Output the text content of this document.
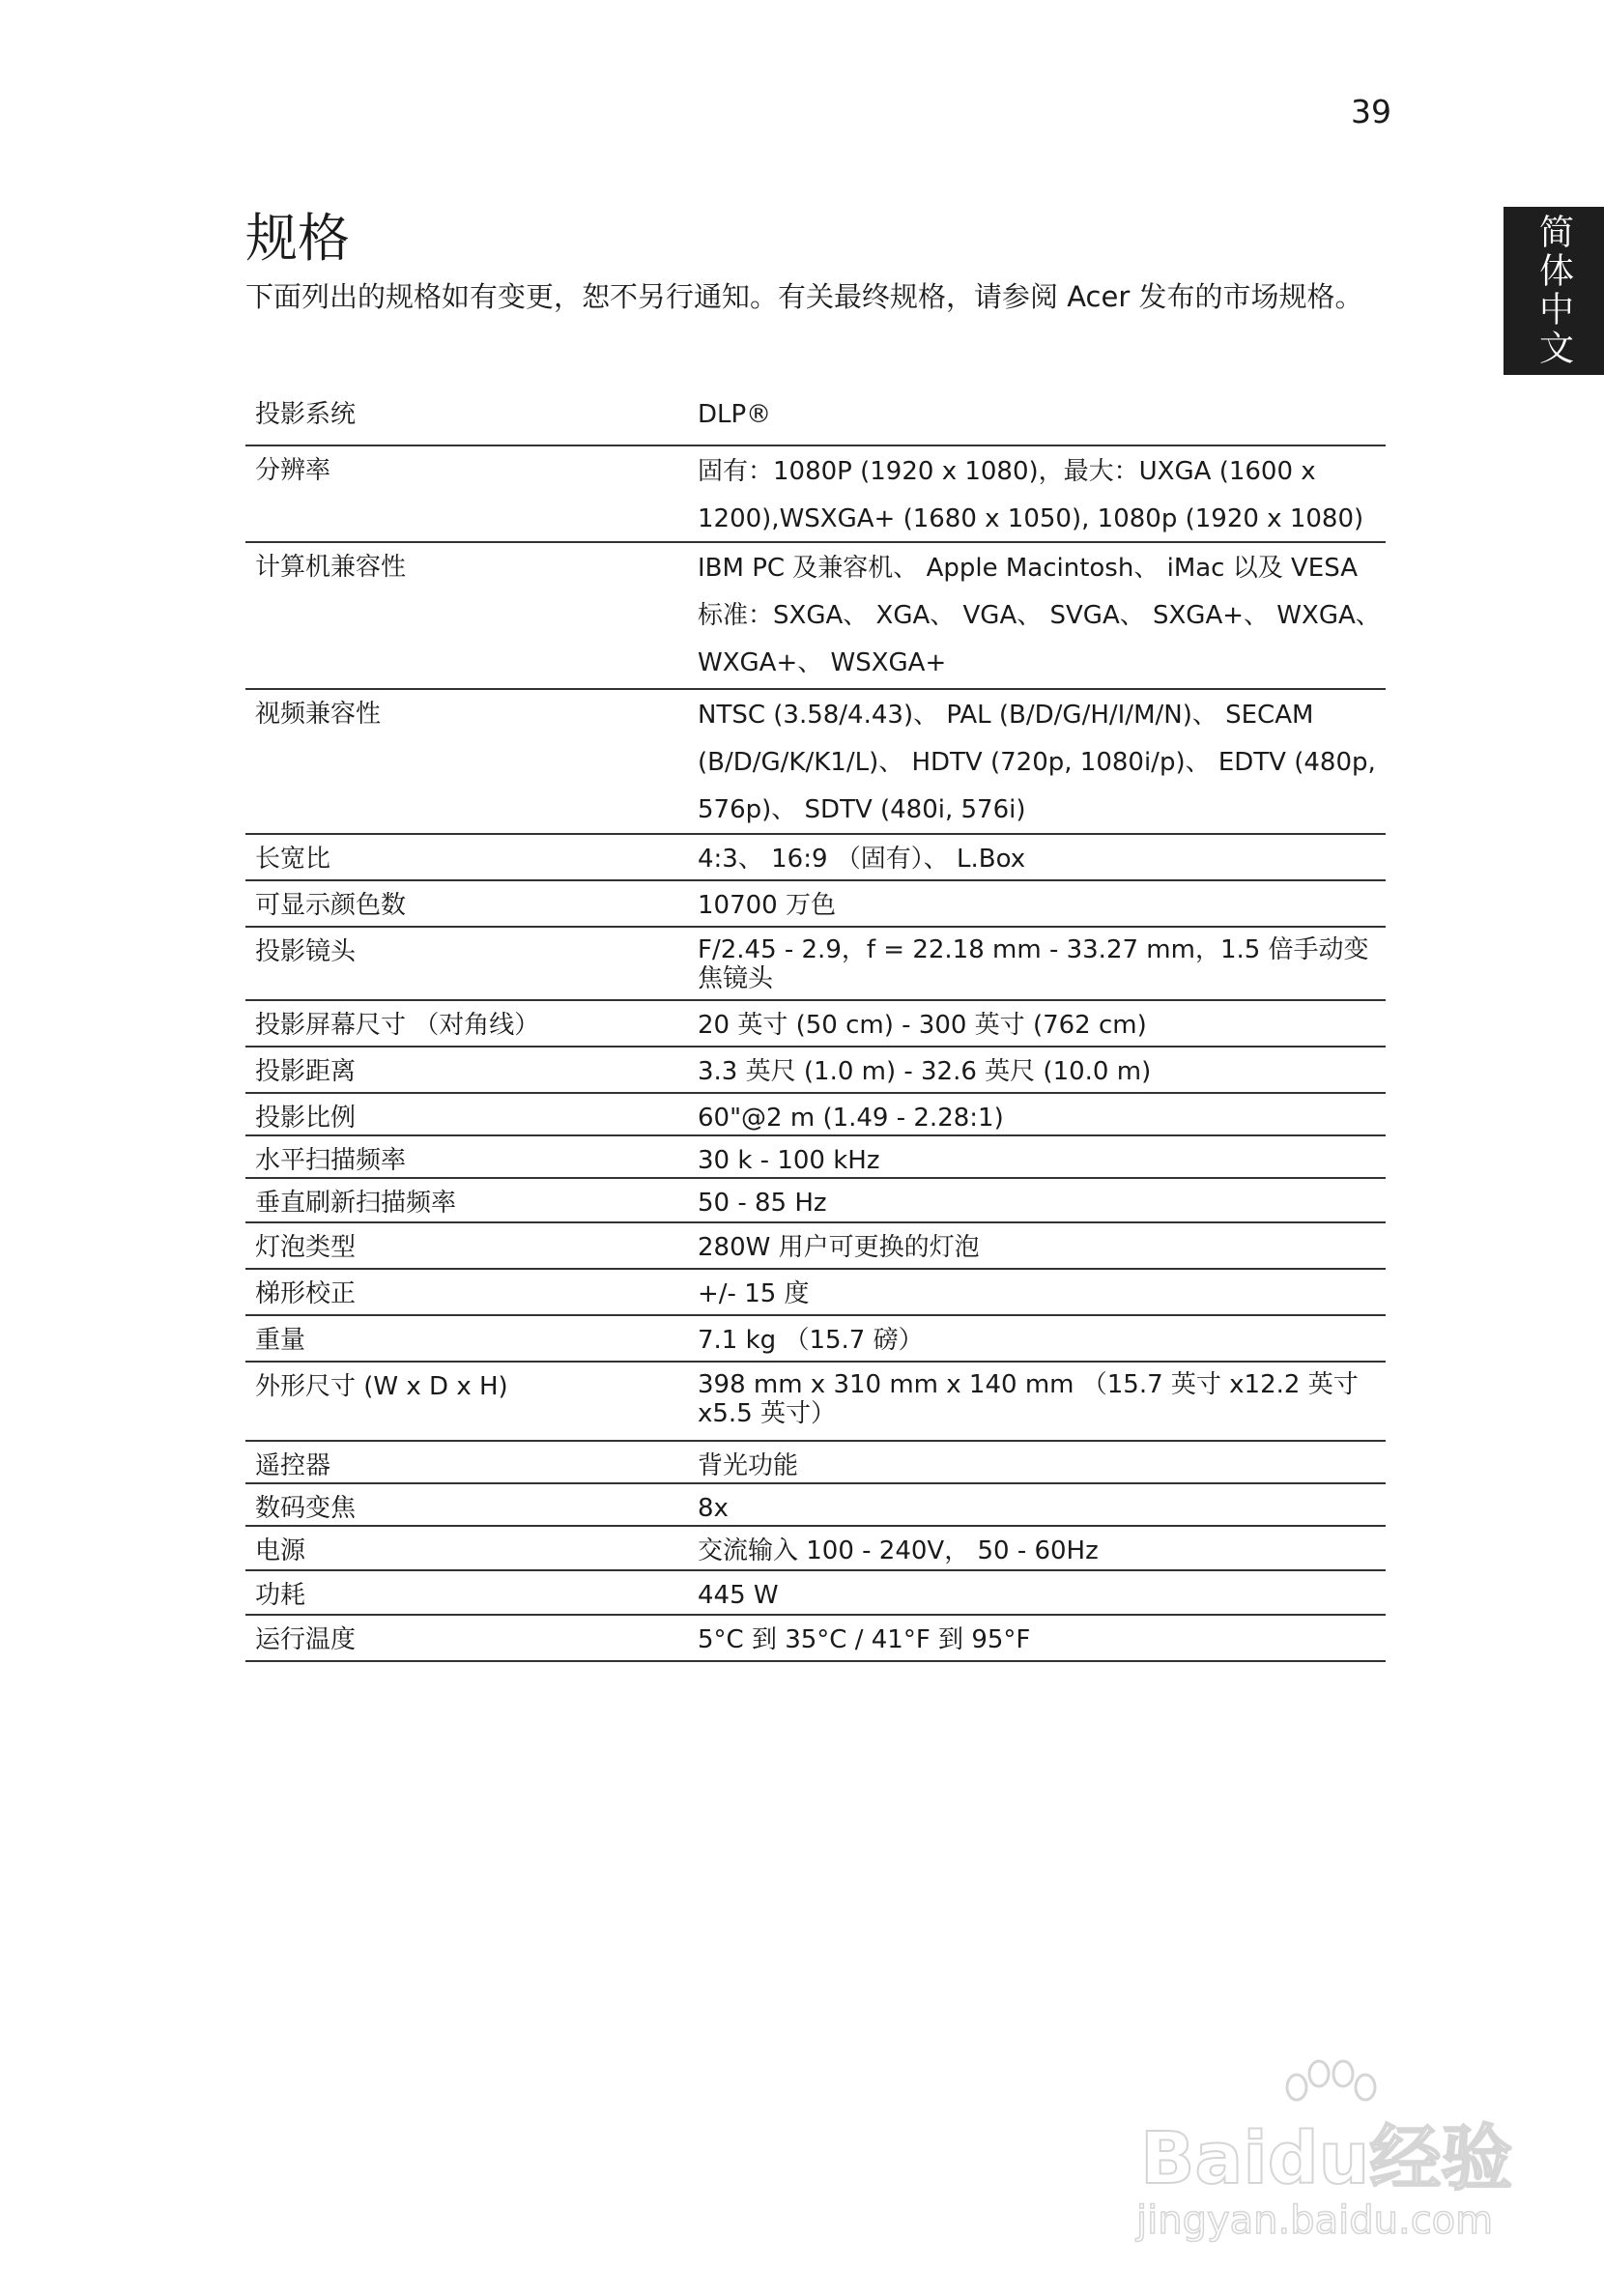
39
简体中文
规格

下面列出的规格如有变更，恕不另行通知。有关最终规格，请参阅 Acer 发布的市场规格。

投影系统	DLP®
分辨率	固有：1080P (1920 x 1080)，最大：UXGA (1600 x 1200),WSXGA+ (1680 x 1050), 1080p (1920 x 1080)
计算机兼容性	IBM PC 及兼容机、 Apple Macintosh、 iMac 以及 VESA 标准：SXGA、 XGA、 VGA、 SVGA、 SXGA+、 WXGA、 WXGA+、 WSXGA+
视频兼容性	NTSC (3.58/4.43)、 PAL (B/D/G/H/I/M/N)、 SECAM (B/D/G/K/K1/L)、 HDTV (720p, 1080i/p)、 EDTV (480p, 576p)、 SDTV (480i, 576i)
长宽比	4:3、 16:9 （固有）、 L.Box
可显示颜色数	10700 万色
投影镜头	F/2.45 - 2.9，f = 22.18 mm - 33.27 mm，1.5 倍手动变焦镜头
投影屏幕尺寸 （对角线）	20 英寸 (50 cm) - 300 英寸 (762 cm)
投影距离	3.3 英尺 (1.0 m) - 32.6 英尺 (10.0 m)
投影比例	60"@2 m (1.49 - 2.28:1)
水平扫描频率	30 k - 100 kHz
垂直刷新扫描频率	50 - 85 Hz
灯泡类型	280W 用户可更换的灯泡
梯形校正	+/- 15 度
重量	7.1 kg （15.7 磅）
外形尺寸 (W x D x H)	398 mm x 310 mm x 140 mm （15.7 英寸 x12.2 英寸 x5.5 英寸）
遥控器	背光功能
数码变焦	8x
电源	交流输入 100 - 240V， 50 - 60Hz
功耗	445 W
运行温度	5°C 到 35°C / 41°F 到 95°F
Baidu经验
jingyan.baidu.com
